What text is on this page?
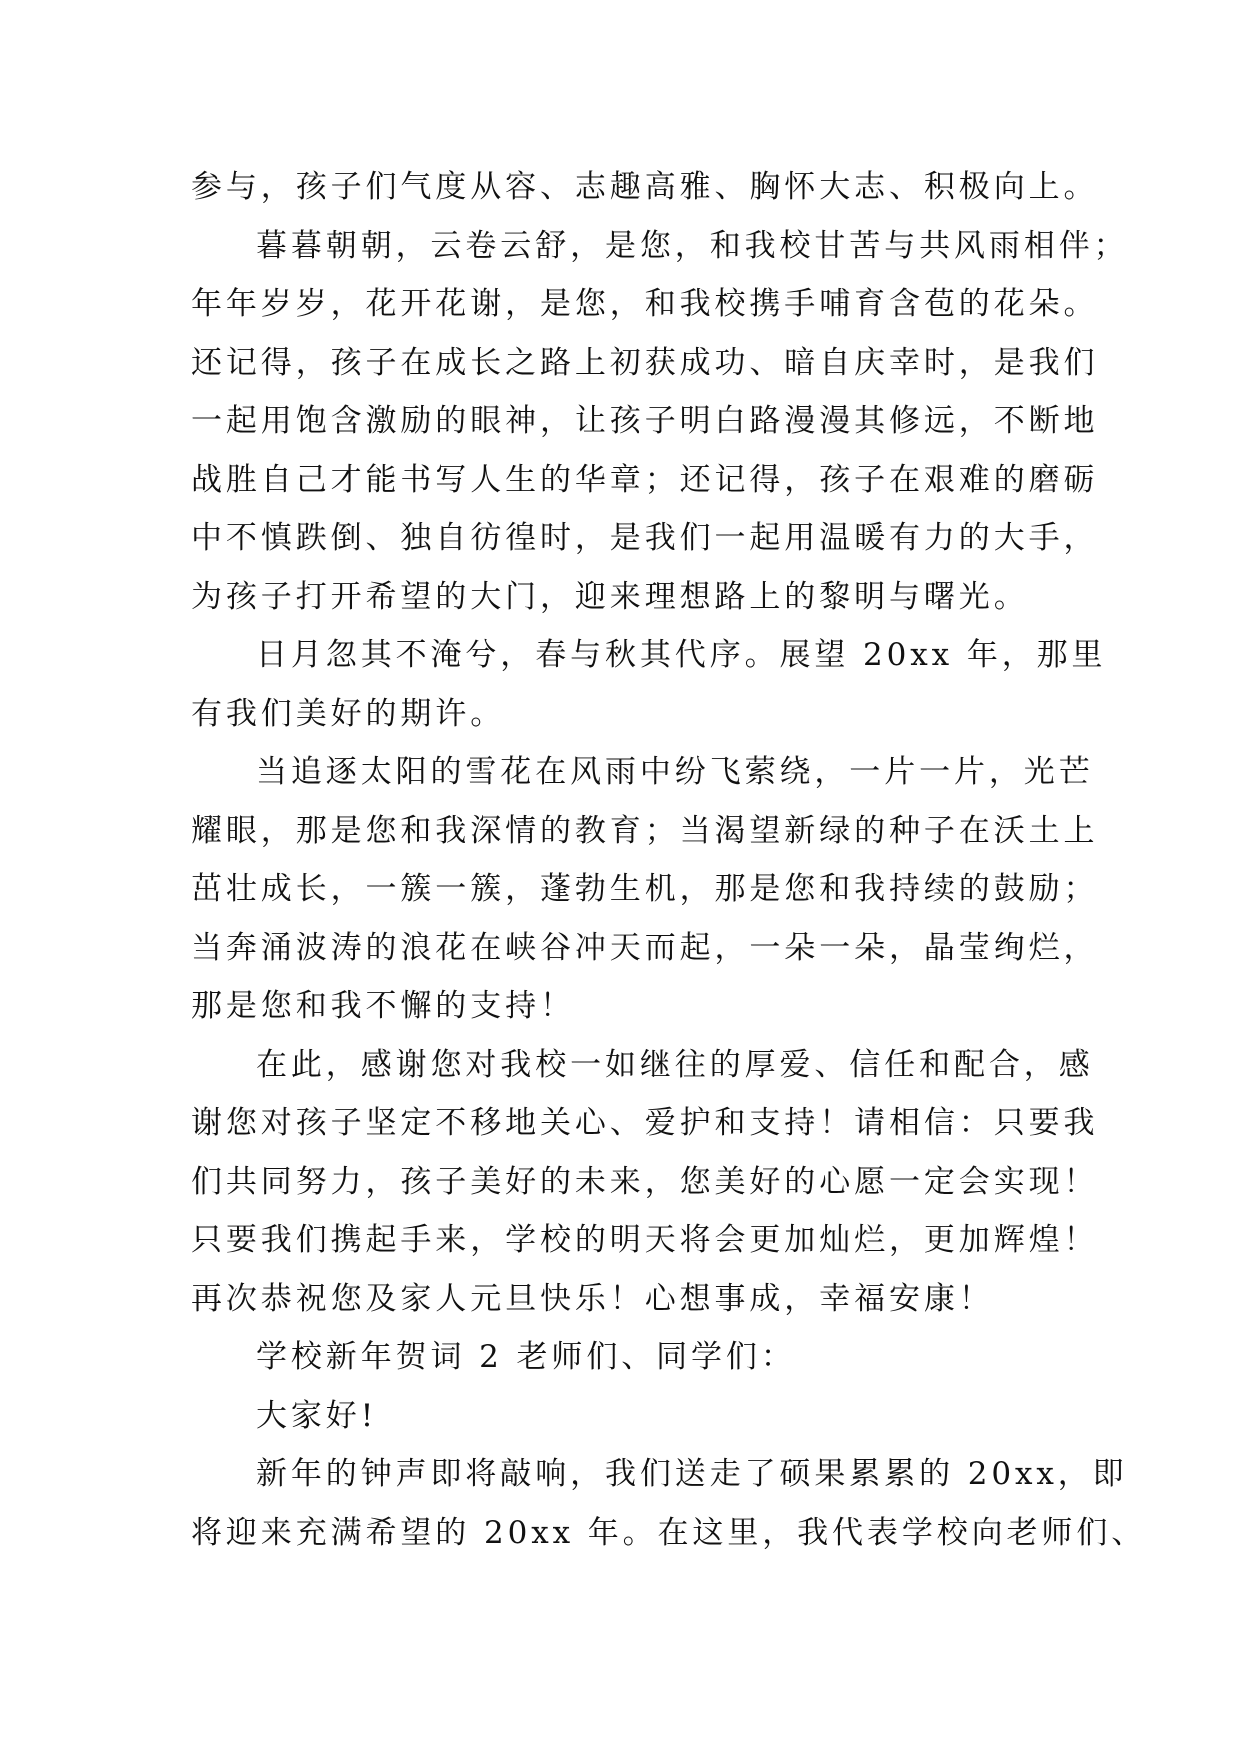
参与，孩子们气度从容、志趣高雅、胸怀大志、积极向上。
暮暮朝朝，云卷云舒，是您，和我校甘苦与共风雨相伴；
年年岁岁，花开花谢，是您，和我校携手哺育含苞的花朵。
还记得，孩子在成长之路上初获成功、暗自庆幸时，是我们
一起用饱含激励的眼神，让孩子明白路漫漫其修远，不断地
战胜自己才能书写人生的华章；还记得，孩子在艰难的磨砺
中不慎跌倒、独自彷徨时，是我们一起用温暖有力的大手，
为孩子打开希望的大门，迎来理想路上的黎明与曙光。
日月忽其不淹兮，春与秋其代序。展望 20xx 年，那里
有我们美好的期许。
当追逐太阳的雪花在风雨中纷飞萦绕，一片一片，光芒
耀眼，那是您和我深情的教育；当渴望新绿的种子在沃土上
茁壮成长，一簇一簇，蓬勃生机，那是您和我持续的鼓励；
当奔涌波涛的浪花在峡谷冲天而起，一朵一朵，晶莹绚烂，
那是您和我不懈的支持！
在此，感谢您对我校一如继往的厚爱、信任和配合，感
谢您对孩子坚定不移地关心、爱护和支持！请相信：只要我
们共同努力，孩子美好的未来，您美好的心愿一定会实现！
只要我们携起手来，学校的明天将会更加灿烂，更加辉煌！
再次恭祝您及家人元旦快乐！心想事成，幸福安康！
学校新年贺词 2 老师们、同学们：
大家好!
新年的钟声即将敲响，我们送走了硕果累累的 20xx，即
将迎来充满希望的 20xx 年。在这里，我代表学校向老师们、
